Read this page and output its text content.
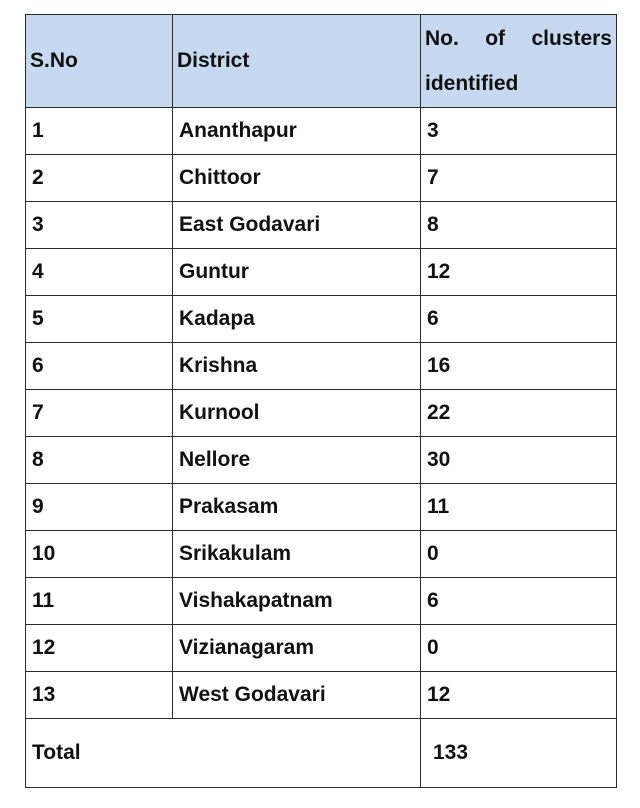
S.No	District	No. of clusters identified
1	Ananthapur	3
2	Chittoor	7
3	East Godavari	8
4	Guntur	12
5	Kadapa	6
6	Krishna	16
7	Kurnool	22
8	Nellore	30
9	Prakasam	11
10	Srikakulam	0
11	Vishakapatnam	6
12	Vizianagaram	0
13	West Godavari	12
Total		133
